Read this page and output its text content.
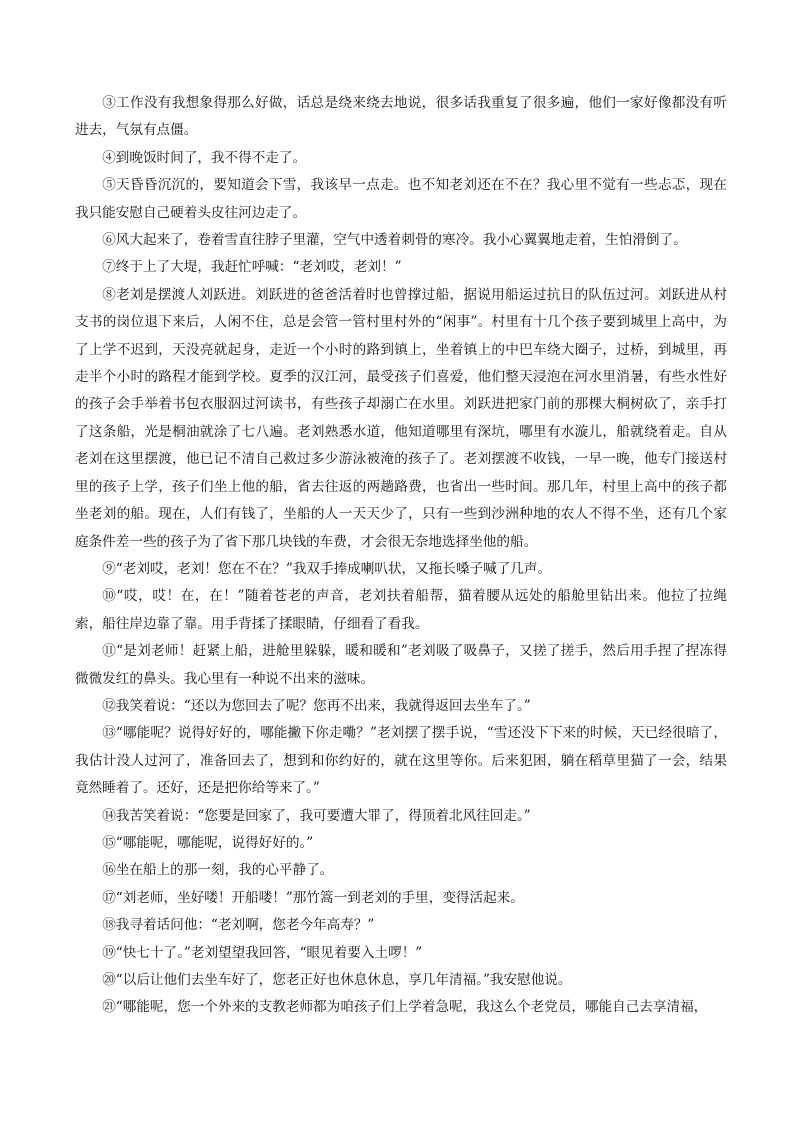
③工作没有我想象得那么好做，话总是绕来绕去地说，很多话我重复了很多遍，他们一家好像都没有听进去，气氛有点僵。

④到晚饭时间了，我不得不走了。

⑤天昏昏沉沉的，要知道会下雪，我该早一点走。也不知老刘还在不在？我心里不觉有一些忐忑，现在我只能安慰自己硬着头皮往河边走了。

⑥风大起来了，卷着雪直往脖子里灌，空气中透着刺骨的寒冷。我小心翼翼地走着，生怕滑倒了。

⑦终于上了大堤，我赶忙呼喊：“老刘哎，老刘！”

⑧老刘是摆渡人刘跃进。刘跃进的爸爸活着时也曾撑过船，据说用船运过抗日的队伍过河。刘跃进从村支书的岗位退下来后，人闲不住，总是会管一管村里村外的“闲事”。村里有十几个孩子要到城里上高中，为了上学不迟到，天没亮就起身，走近一个小时的路到镇上，坐着镇上的中巴车绕大圈子，过桥，到城里，再走半个小时的路程才能到学校。夏季的汉江河，最受孩子们喜爱，他们整天浸泡在河水里消暑，有些水性好的孩子会手举着书包衣服泅过河读书，有些孩子却溺亡在水里。刘跃进把家门前的那棵大桐树砍了，亲手打了这条船，光是桐油就涂了七八遍。老刘熟悉水道，他知道哪里有深坑，哪里有水漩儿，船就绕着走。自从老刘在这里摆渡，他已记不清自己救过多少游泳被淹的孩子了。老刘摆渡不收钱，一早一晚，他专门接送村里的孩子上学，孩子们坐上他的船，省去往返的两趟路费，也省出一些时间。那几年，村里上高中的孩子都坐老刘的船。现在，人们有钱了，坐船的人一天天少了，只有一些到沙洲种地的农人不得不坐，还有几个家庭条件差一些的孩子为了省下那几块钱的车费，才会很无奈地选择坐他的船。

⑨“老刘哎，老刘！您在不在？”我双手捧成喇叭状，又拖长嗓子喊了几声。

⑩“哎，哎！在，在！”随着苍老的声音，老刘扶着船帮，猫着腰从远处的船舱里钻出来。他拉了拉绳索，船往岸边靠了靠。用手背揉了揉眼睛，仔细看了看我。

⑪“是刘老师！赶紧上船，进舱里躲躲，暖和暖和”老刘吸了吸鼻子，又搓了搓手，然后用手捏了捏冻得微微发红的鼻头。我心里有一种说不出来的滋味。

⑫我笑着说：“还以为您回去了呢？您再不出来，我就得返回去坐车了。”

⑬“哪能呢？说得好好的，哪能撇下你走嘞？”老刘摆了摆手说，“雪还没下下来的时候，天已经很暗了，我估计没人过河了，准备回去了，想到和你约好的，就在这里等你。后来犯困，躺在稻草里猫了一会，结果竟然睡着了。还好，还是把你给等来了。”

⑭我苦笑着说：“您要是回家了，我可要遭大罪了，得顶着北风往回走。”

⑮“哪能呢，哪能呢，说得好好的。”

⑯坐在船上的那一刻，我的心平静了。

⑰“刘老师，坐好喽！开船喽！”那竹篙一到老刘的手里，变得活起来。

⑱我寻着话问他：“老刘啊，您老今年高寿？”

⑲“快七十了。”老刘望望我回答，“眼见着要入土啰！”

⑳“以后让他们去坐车好了，您老正好也休息休息，享几年清福。”我安慰他说。

㉑“哪能呢，您一个外来的支教老师都为咱孩子们上学着急呢，我这么个老党员，哪能自己去享清福，
